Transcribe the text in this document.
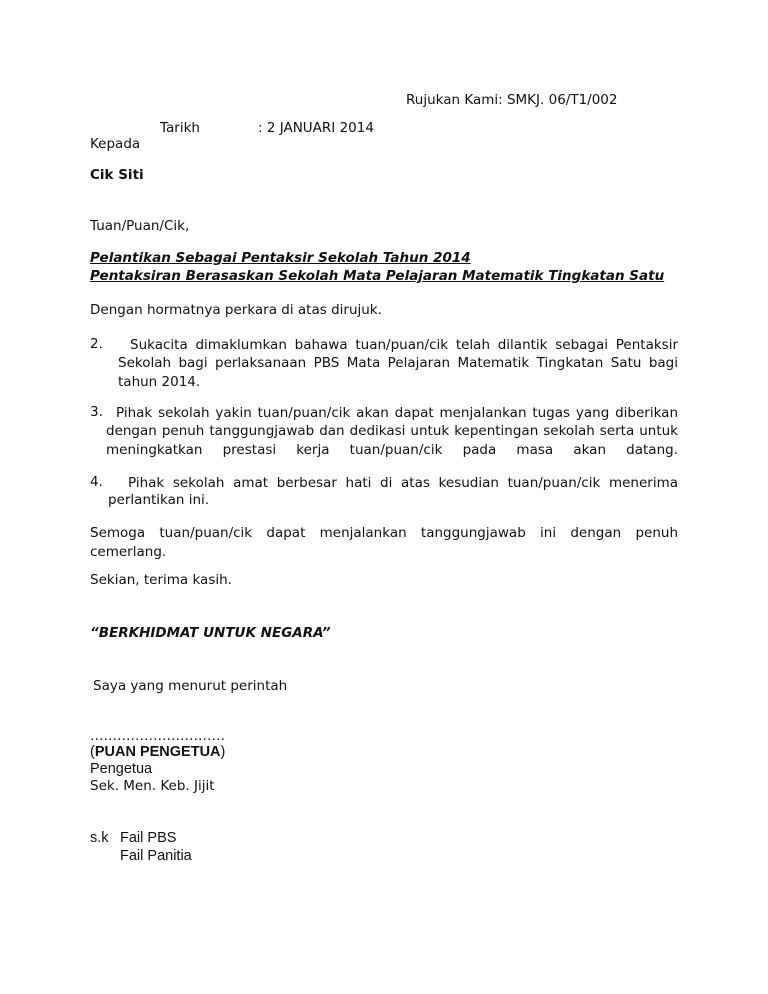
Rujukan Kami: SMKJ. 06/T1/002
Tarikh	: 2 JANUARI 2014
Kepada
Cik Siti
Tuan/Puan/Cik,
Pelantikan Sebagai Pentaksir Sekolah Tahun 2014
Pentaksiran Berasaskan Sekolah Mata Pelajaran Matematik Tingkatan Satu
Dengan hormatnya perkara di atas dirujuk.
2. Sukacita dimaklumkan bahawa tuan/puan/cik telah dilantik sebagai Pentaksir
Sekolah bagi perlaksanaan PBS Mata Pelajaran Matematik Tingkatan Satu bagi tahun 2014.
3. Pihak sekolah yakin tuan/puan/cik akan dapat menjalankan tugas yang diberikan
dengan penuh tanggungjawab dan dedikasi untuk kepentingan sekolah serta untuk meningkatkan prestasi kerja tuan/puan/cik pada masa akan datang.
4. Pihak sekolah amat berbesar hati di atas kesudian tuan/puan/cik menerima
perlantikan ini.
Semoga tuan/puan/cik dapat menjalankan tanggungjawab ini dengan penuh cemerlang.
Sekian, terima kasih.
“BERKHIDMAT UNTUK NEGARA”
Saya yang menurut perintah
…………………………
(PUAN PENGETUA)
Pengetua
Sek. Men. Keb. Jijit
s.k Fail PBS
Fail Panitia
